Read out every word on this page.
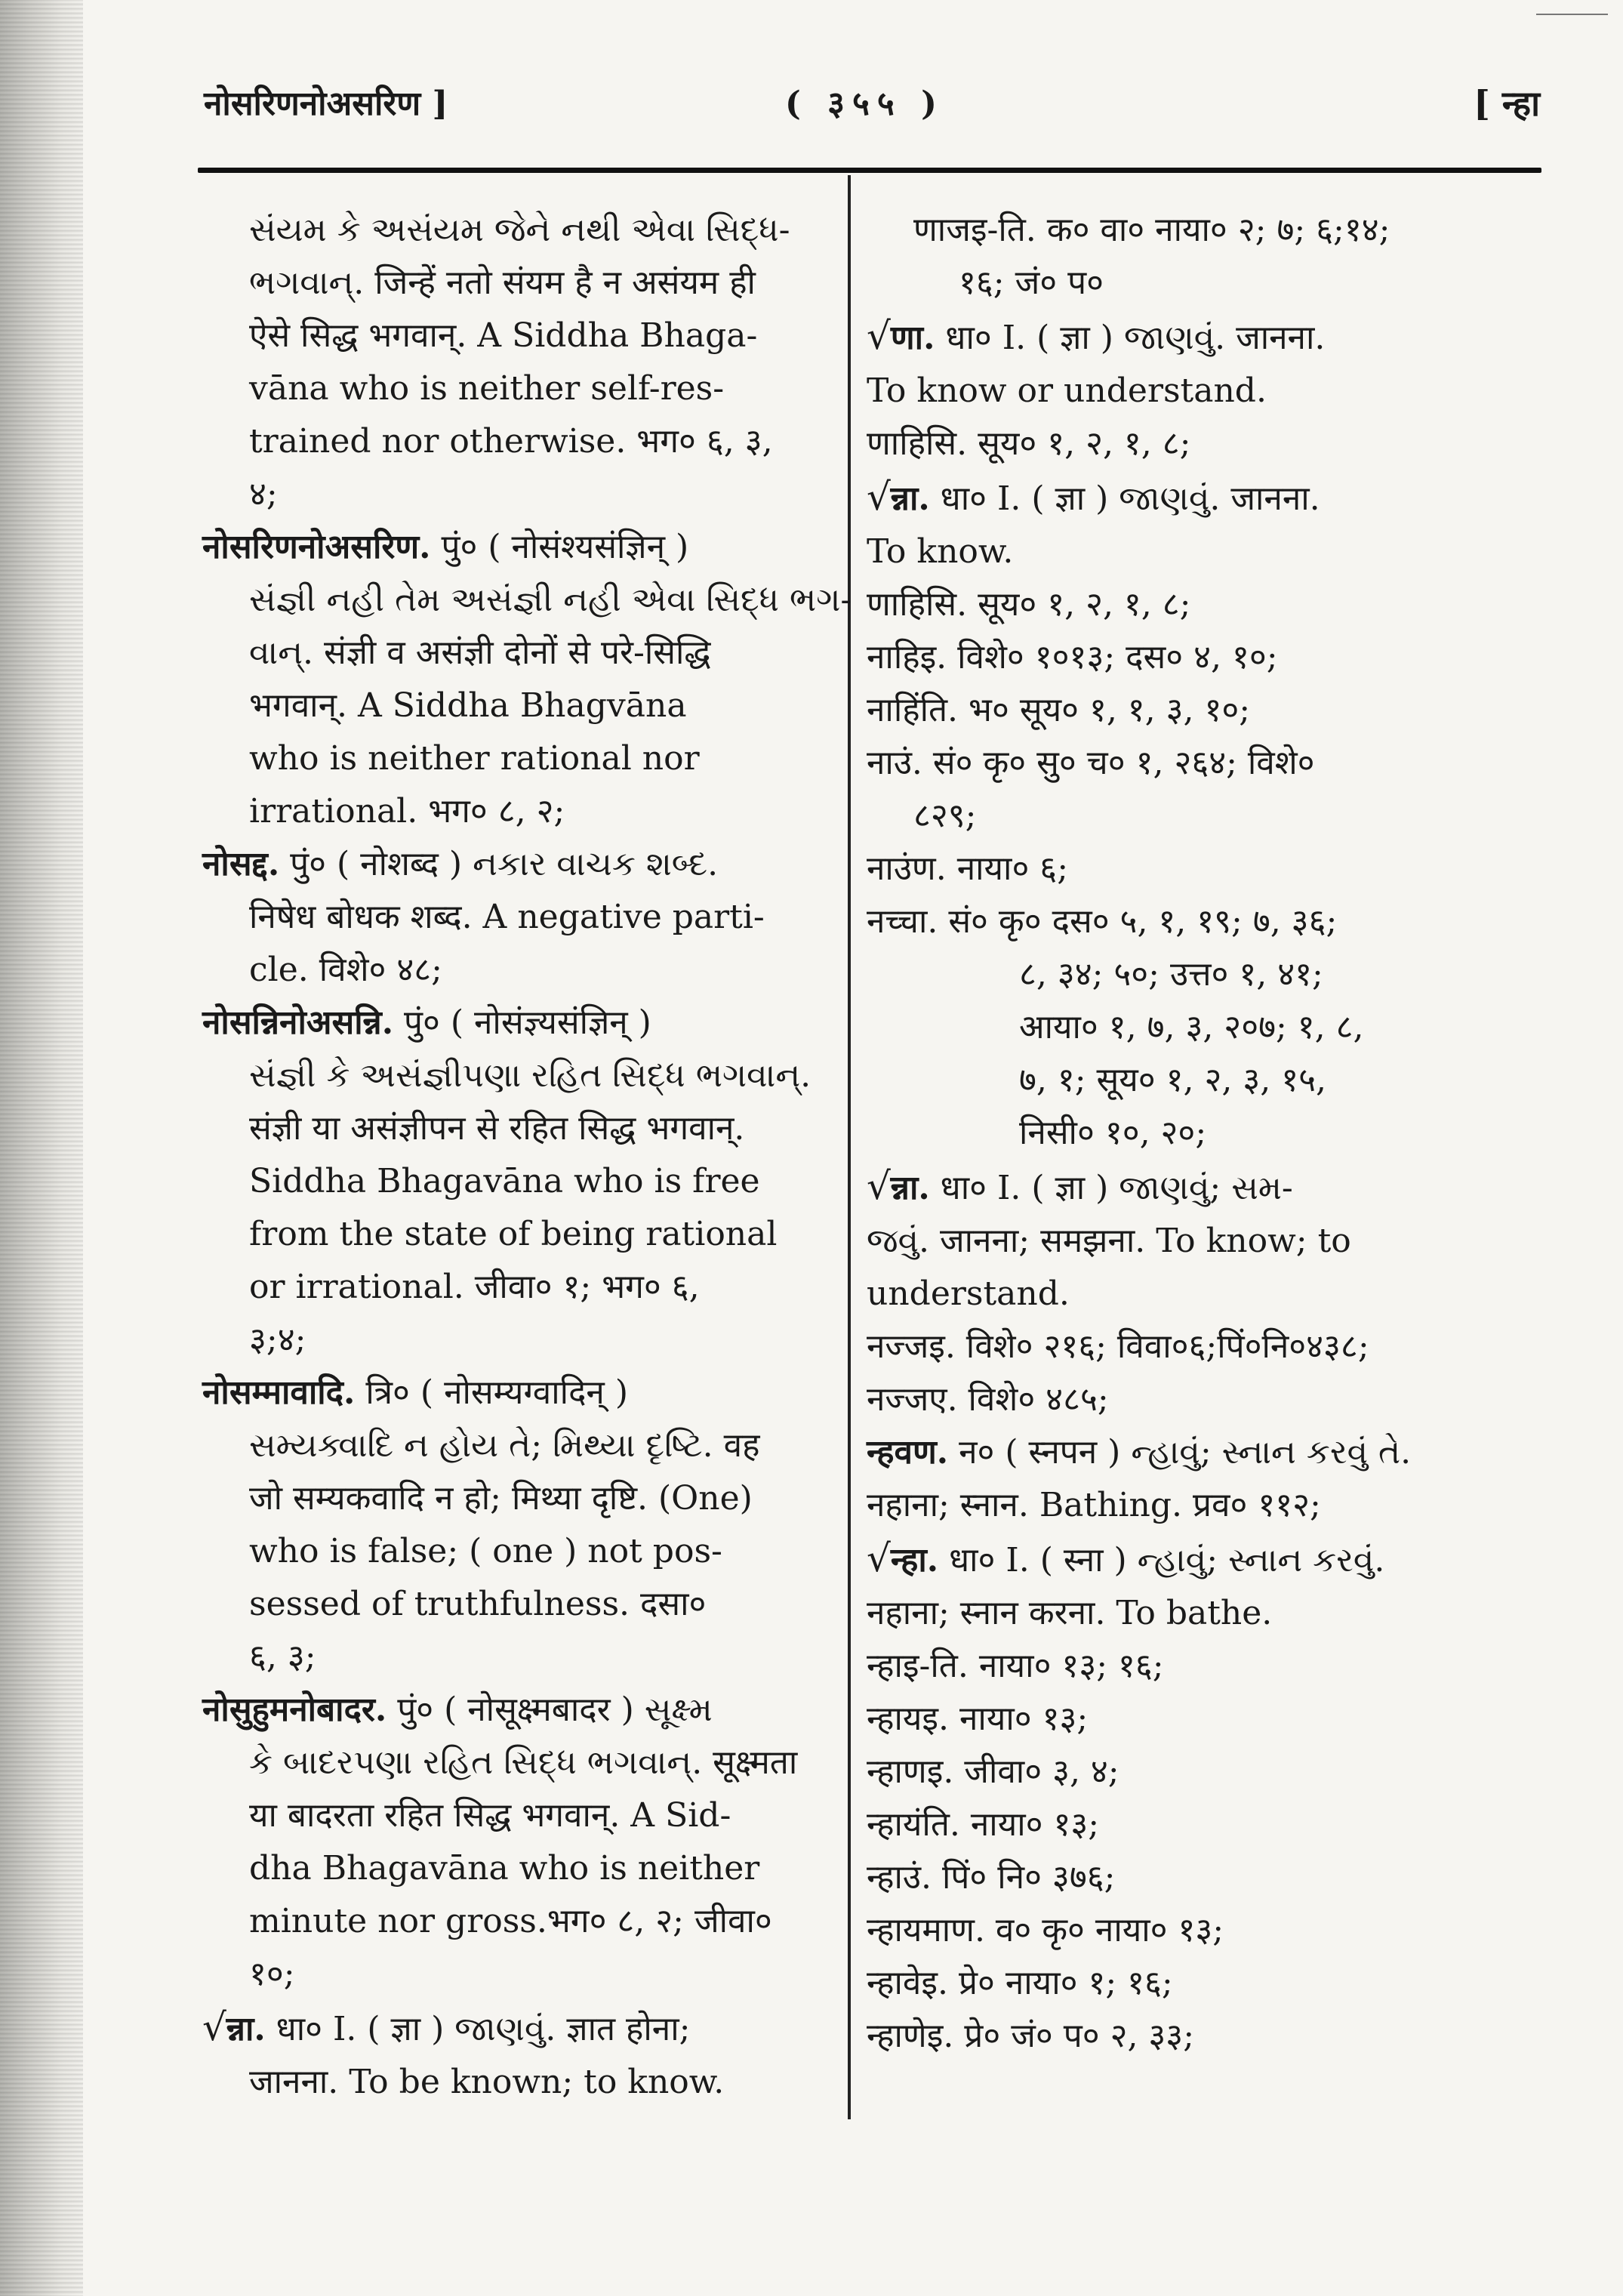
नोसरिणनोअसरिण ]	( ३५५ )	[ न्हा
સંયમ કે અસંયમ જેને નથી એવા સિદ્ધ-
ભગવાન્. जिन्हें नतो संयम है न असंयम ही
ऐसे सिद्ध भगवान्. A Siddha Bhaga-
vāna who is neither self-res-
trained nor otherwise. भग० ६, ३,
४;
नोसरिणनोअसरिण. पुं० ( नोसंश्यसंज्ञिन् )
સંજ્ઞી નહી તેમ અસંજ્ઞી નહી એવા સિદ્ધ ભગ-
વાન્. संज्ञी व असंज्ञी दोनों से परे-सिद्धि
भगवान्. A Siddha Bhagvāna
who is neither rational nor
irrational. भग० ८, २;
नोसद्द. पुं० ( नोशब्द ) નકાર વાચક શબ્દ.
निषेध बोधक शब्द. A negative parti-
cle. विशे० ४८;
नोसन्निनोअसन्नि. पुं० ( नोसंज्ञ्यसंज्ञिन् )
સંજ્ઞી કે અસંજ્ઞીપણા રહિત સિદ્ધ ભગવાન્.
संज्ञी या असंज्ञीपन से रहित सिद्ध भगवान्.
Siddha Bhagavāna who is free
from the state of being rational
or irrational. जीवा० १; भग० ६,
३;४;
नोसम्मावादि. त्रि० ( नोसम्यग्वादिन् )
સમ્યક્વાદિ ન હોય તે; મિથ્યા દૃષ્ટિ. वह
जो सम्यकवादि न हो; मिथ्या दृष्टि. (One)
who is false; ( one ) not pos-
sessed of truthfulness. दसा०
६, ३;
नोसुहुमनोबादर. पुं० ( नोसूक्ष्मबादर ) સૂક્ષ્મ
કે બાદરપણા રહિત સિદ્ધ ભગવાન્. सूक्ष्मता
या बादरता रहित सिद्ध भगवान्. A Sid-
dha Bhagavāna who is neither
minute nor gross.भग० ८, २; जीवा०
१०;
√न्ना. धा० I. ( ज्ञा ) જાણવું. ज्ञात होना;
जानना. To be known; to know.
णाजइ-ति. क० वा० नाया० २; ७; ६;१४;
१६; जं० प०
√णा. धा० I. ( ज्ञा ) જાણવું. जानना.
To know or understand.
णाहिसि. सूय० १, २, १, ८;
√न्ना. धा० I. ( ज्ञा ) જાણવું. जानना.
To know.
णाहिसि. सूय० १, २, १, ८;
नाहिइ. विशे० १०१३; दस० ४, १०;
नाहिंति. भ० सूय० १, १, ३, १०;
नाउं. सं० कृ० सु० च० १, २६४; विशे०
८२९;
नाउंण. नाया० ६;
नच्चा. सं० कृ० दस० ५, १, १९; ७, ३६;
८, ३४; ५०; उत्त० १, ४१;
आया० १, ७, ३, २०७; १, ८,
७, १; सूय० १, २, ३, १५,
निसी० १०, २०;
√न्ना. धा० I. ( ज्ञा ) જાણવું; સમ-
જવું. जानना; समझना. To know; to
understand.
नज्जइ. विशे० २१६; विवा०६;पिं०नि०४३८;
नज्जए. विशे० ४८५;
न्हवण. न० ( स्नपन ) ન્હાવું; સ્નાન કરવું તે.
नहाना; स्नान. Bathing. प्रव० ११२;
√न्हा. धा० I. ( स्ना ) ન્હાવું; સ્નાન કરવું.
नहाना; स्नान करना. To bathe.
न्हाइ-ति. नाया० १३; १६;
न्हायइ. नाया० १३;
न्हाणइ. जीवा० ३, ४;
न्हायंति. नाया० १३;
न्हाउं. पिं० नि० ३७६;
न्हायमाण. व० कृ० नाया० १३;
न्हावेइ. प्रे० नाया० १; १६;
न्हाणेइ. प्रे० जं० प० २, ३३;
